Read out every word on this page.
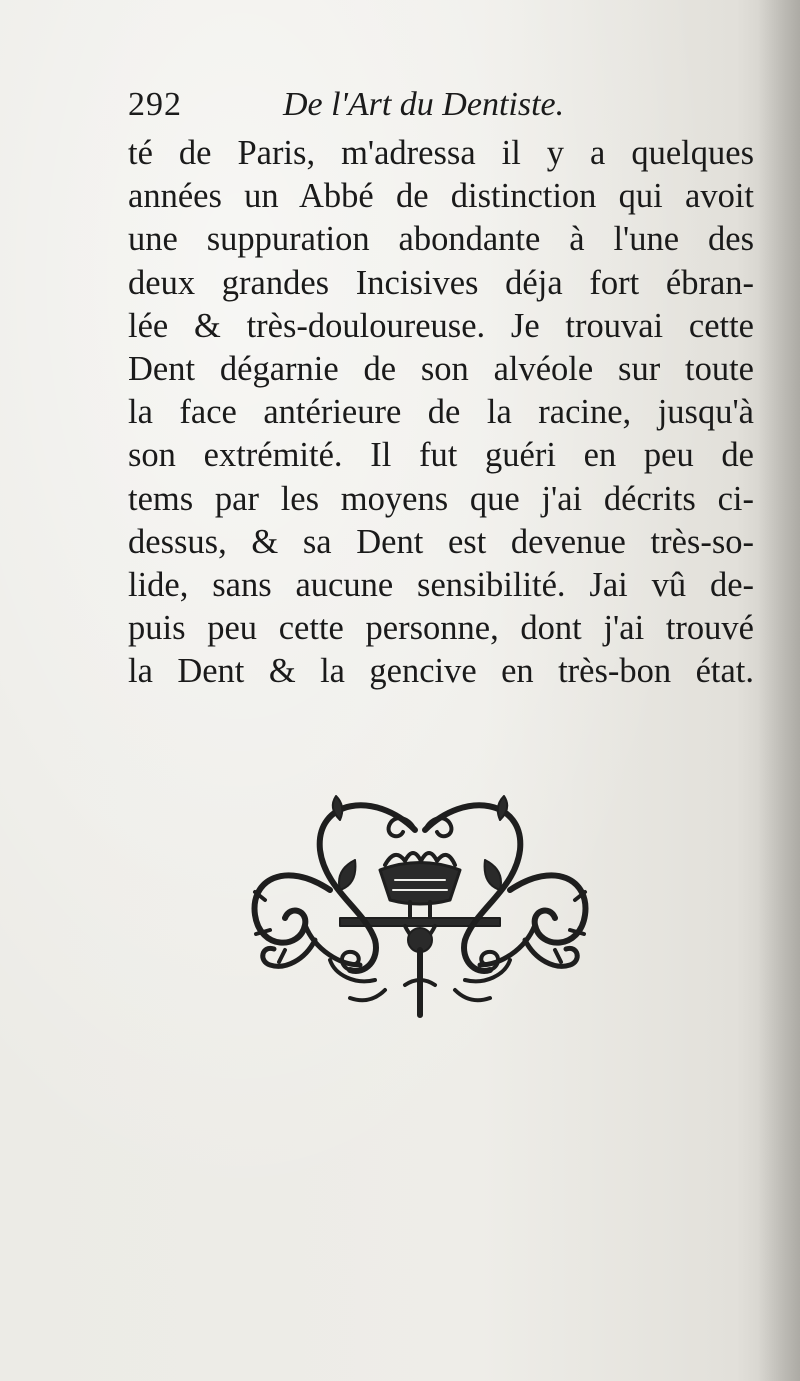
292	De l'Art du Dentiste.
té de Paris, m'adressa il y a quelques
années un Abbé de distinction qui avoit
une suppuration abondante à l'une des
deux grandes Incisives déja fort ébran-
lée & très-douloureuse. Je trouvai cette
Dent dégarnie de son alvéole sur toute
la face antérieure de la racine, jusqu'à
son extrémité. Il fut guéri en peu de
tems par les moyens que j'ai décrits ci-
dessus, & sa Dent est devenue très-so-
lide, sans aucune sensibilité. Jai vû de-
puis peu cette personne, dont j'ai trouvé
la Dent & la gencive en très-bon état.
